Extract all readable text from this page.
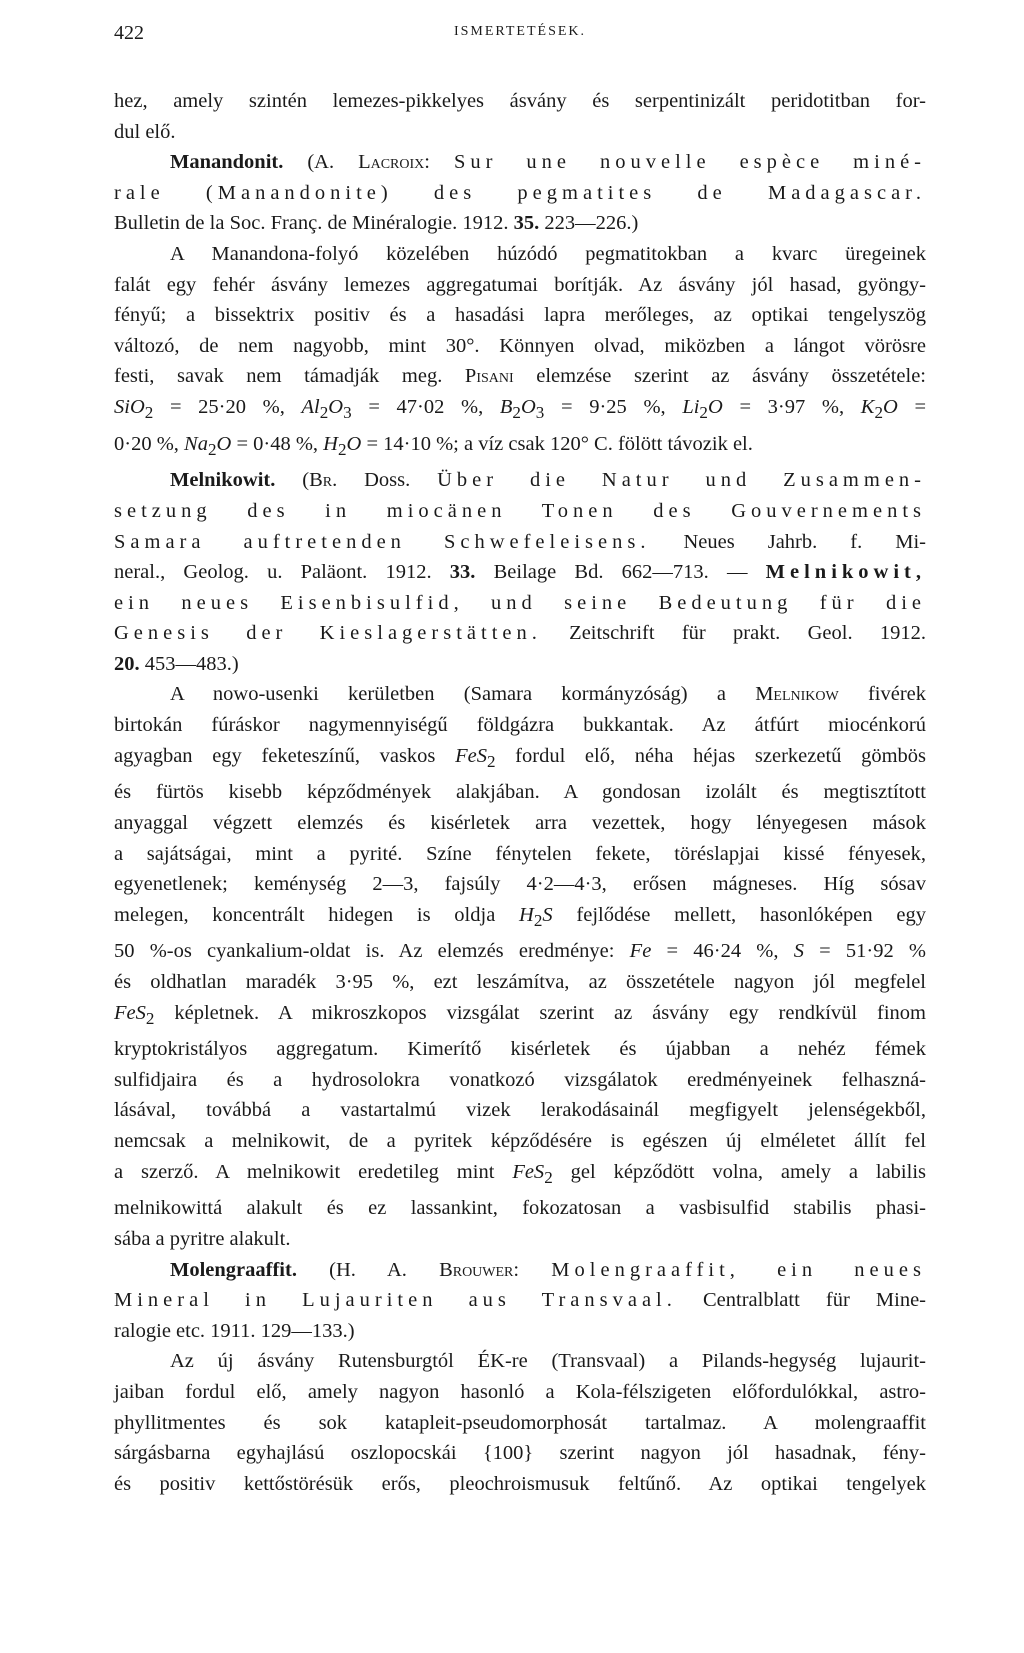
422	ISMERTETÉSEK.

hez, amely szintén lemezes-pikkelyes ásvány és serpentinizált peridotitban for-

dul elő.

Manandonit. (A. Lacroix: Sur une nouvelle espèce miné-

rale (Manandonite) des pegmatites de Madagascar.

Bulletin de la Soc. Franç. de Minéralogie. 1912. 35. 223—226.)

A Manandona-folyó közelében húzódó pegmatitokban a kvarc üregeinek

falát egy fehér ásvány lemezes aggregatumai borítják. Az ásvány jól hasad, gyöngy-

fényű; a bissektrix positiv és a hasadási lapra merőleges, az optikai tengelyszög

változó, de nem nagyobb, mint 30°. Könnyen olvad, miközben a lángot vörösre

festi, savak nem támadják meg. Pisani elemzése szerint az ásvány összetétele:

SiO$_2$ = 25·20 %, $Al_2O_3 = 47\cdot 02$ %, $B_2O_3 = 9\cdot 25$ %, $Li_2O = 3\cdot 97$ %, $K_2O$ =

0·20 %, $Na_2O = 0\cdot 48$ %, $H_2O = 14\cdot 10$ %; a víz csak 120° C. fölött távozik el.

Melnikowit. (Br. Doss. Über die Natur und Zusammen-

setzung des in miocänen Tonen des Gouvernements

Samara auftretenden Schwefeleisens. Neues Jahrb. f. Mi-

neral., Geolog. u. Paläont. 1912. 33. Beilage Bd. 662—713. — Melnikowit,

ein neues Eisenbisulfid, und seine Bedeutung für die

Genesis der Kieslagerstätten. Zeitschrift für prakt. Geol. 1912.

20. 453—483.)

A nowo-usenki kerületben (Samara kormányzóság) a Melnikow fivérek

birtokán fúráskor nagymennyiségű földgázra bukkantak. Az átfúrt miocénkorú

agyagban egy feketeszínű, vaskos FeS$_2$ fordul elő, néha héjas szerkezetű gömbös

és fürtös kisebb képződmények alakjában. A gondosan izolált és megtisztított

anyaggal végzett elemzés és kisérletek arra vezettek, hogy lényegesen mások

a sajátságai, mint a pyrité. Színe fénytelen fekete, töréslapjai kissé fényesek,

egyenetlenek; keménység 2—3, fajsúly 4·2—4·3, erősen mágneses. Híg sósav

melegen, koncentrált hidegen is oldja $H_2S$ fejlődése mellett, hasonlóképen egy

50 %-os cyankalium-oldat is. Az elemzés eredménye: Fe = 46·24 %, S = 51·92 %

és oldhatlan maradék 3·95 %, ezt leszámítva, az összetétele nagyon jól megfelel

FeS$_2$ képletnek. A mikroszkopos vizsgálat szerint az ásvány egy rendkívül finom

kryptokristályos aggregatum. Kimerítő kisérletek és újabban a nehéz fémek

sulfidjaira és a hydrosolokra vonatkozó vizsgálatok eredményeinek felhaszná-

lásával, továbbá a vastartalmú vizek lerakodásainál megfigyelt jelenségekből,

nemcsak a melnikowit, de a pyritek képződésére is egészen új elméletet állít fel

a szerző. A melnikowit eredetileg mint FeS$_2$ gel képződött volna, amely a labilis

melnikowittá alakult és ez lassankint, fokozatosan a vasbisulfid stabilis phasi-

sába a pyritre alakult.

Molengraaffit. (H. A. Brouwer: Molengraaffit, ein neues

Mineral in Lujauriten aus Transvaal. Centralblatt für Mine-

ralogie etc. 1911. 129—133.)

Az új ásvány Rutensburgtól ÉK-re (Transvaal) a Pilands-hegység lujaurit-

jaiban fordul elő, amely nagyon hasonló a Kola-félszigeten előfordulókkal, astro-

phyllitmentes és sok katapleit-pseudomorphosát tartalmaz. A molengraaffit

sárgásbarna egyhajlású oszlopocskái {100} szerint nagyon jól hasadnak, fény-

és positiv kettőstörésük erős, pleochroismusuk feltűnő. Az optikai tengelyek
